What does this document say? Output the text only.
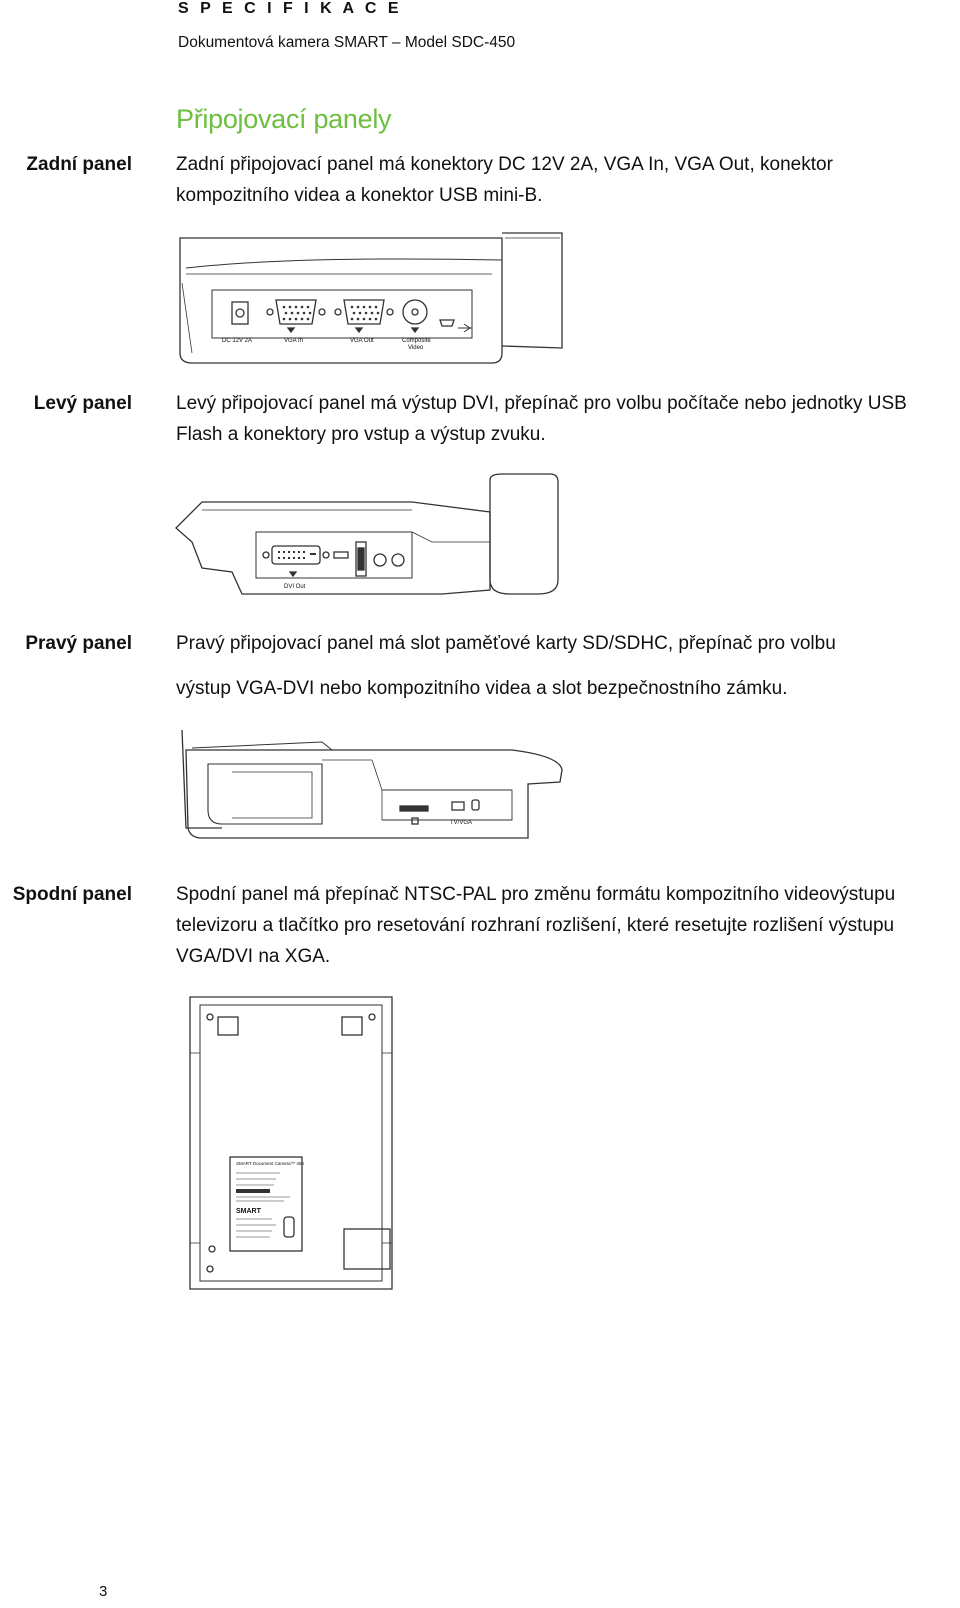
S P E C I F I K A C E
Dokumentová kamera SMART – Model SDC-450
Připojovací panely
Zadní panel Zadní připojovací panel má konektory DC 12V 2A, VGA In, VGA Out, konektor
kompozitního videa a konektor USB mini-B.
DC 12V 2A	VGA In	VGA Out	Composite
Video
Levý panel Levý připojovací panel má výstup DVI, přepínač pro volbu počítače nebo jednotky USB
Flash a konektory pro vstup a výstup zvuku.
DVI Out
Pravý panel Pravý připojovací panel má slot paměťové karty SD/SDHC, přepínač pro volbu
výstup VGA-DVI nebo kompozitního videa a slot bezpečnostního zámku.
TV/VGA
Spodní panel Spodní panel má přepínač NTSC-PAL pro změnu formátu kompozitního videovýstupu
televizoru a tlačítko pro resetování rozhraní rozlišení, které resetujte rozlišení výstupu
VGA/DVI na XGA.
SMART Document Camera™ 450
SMART
3
